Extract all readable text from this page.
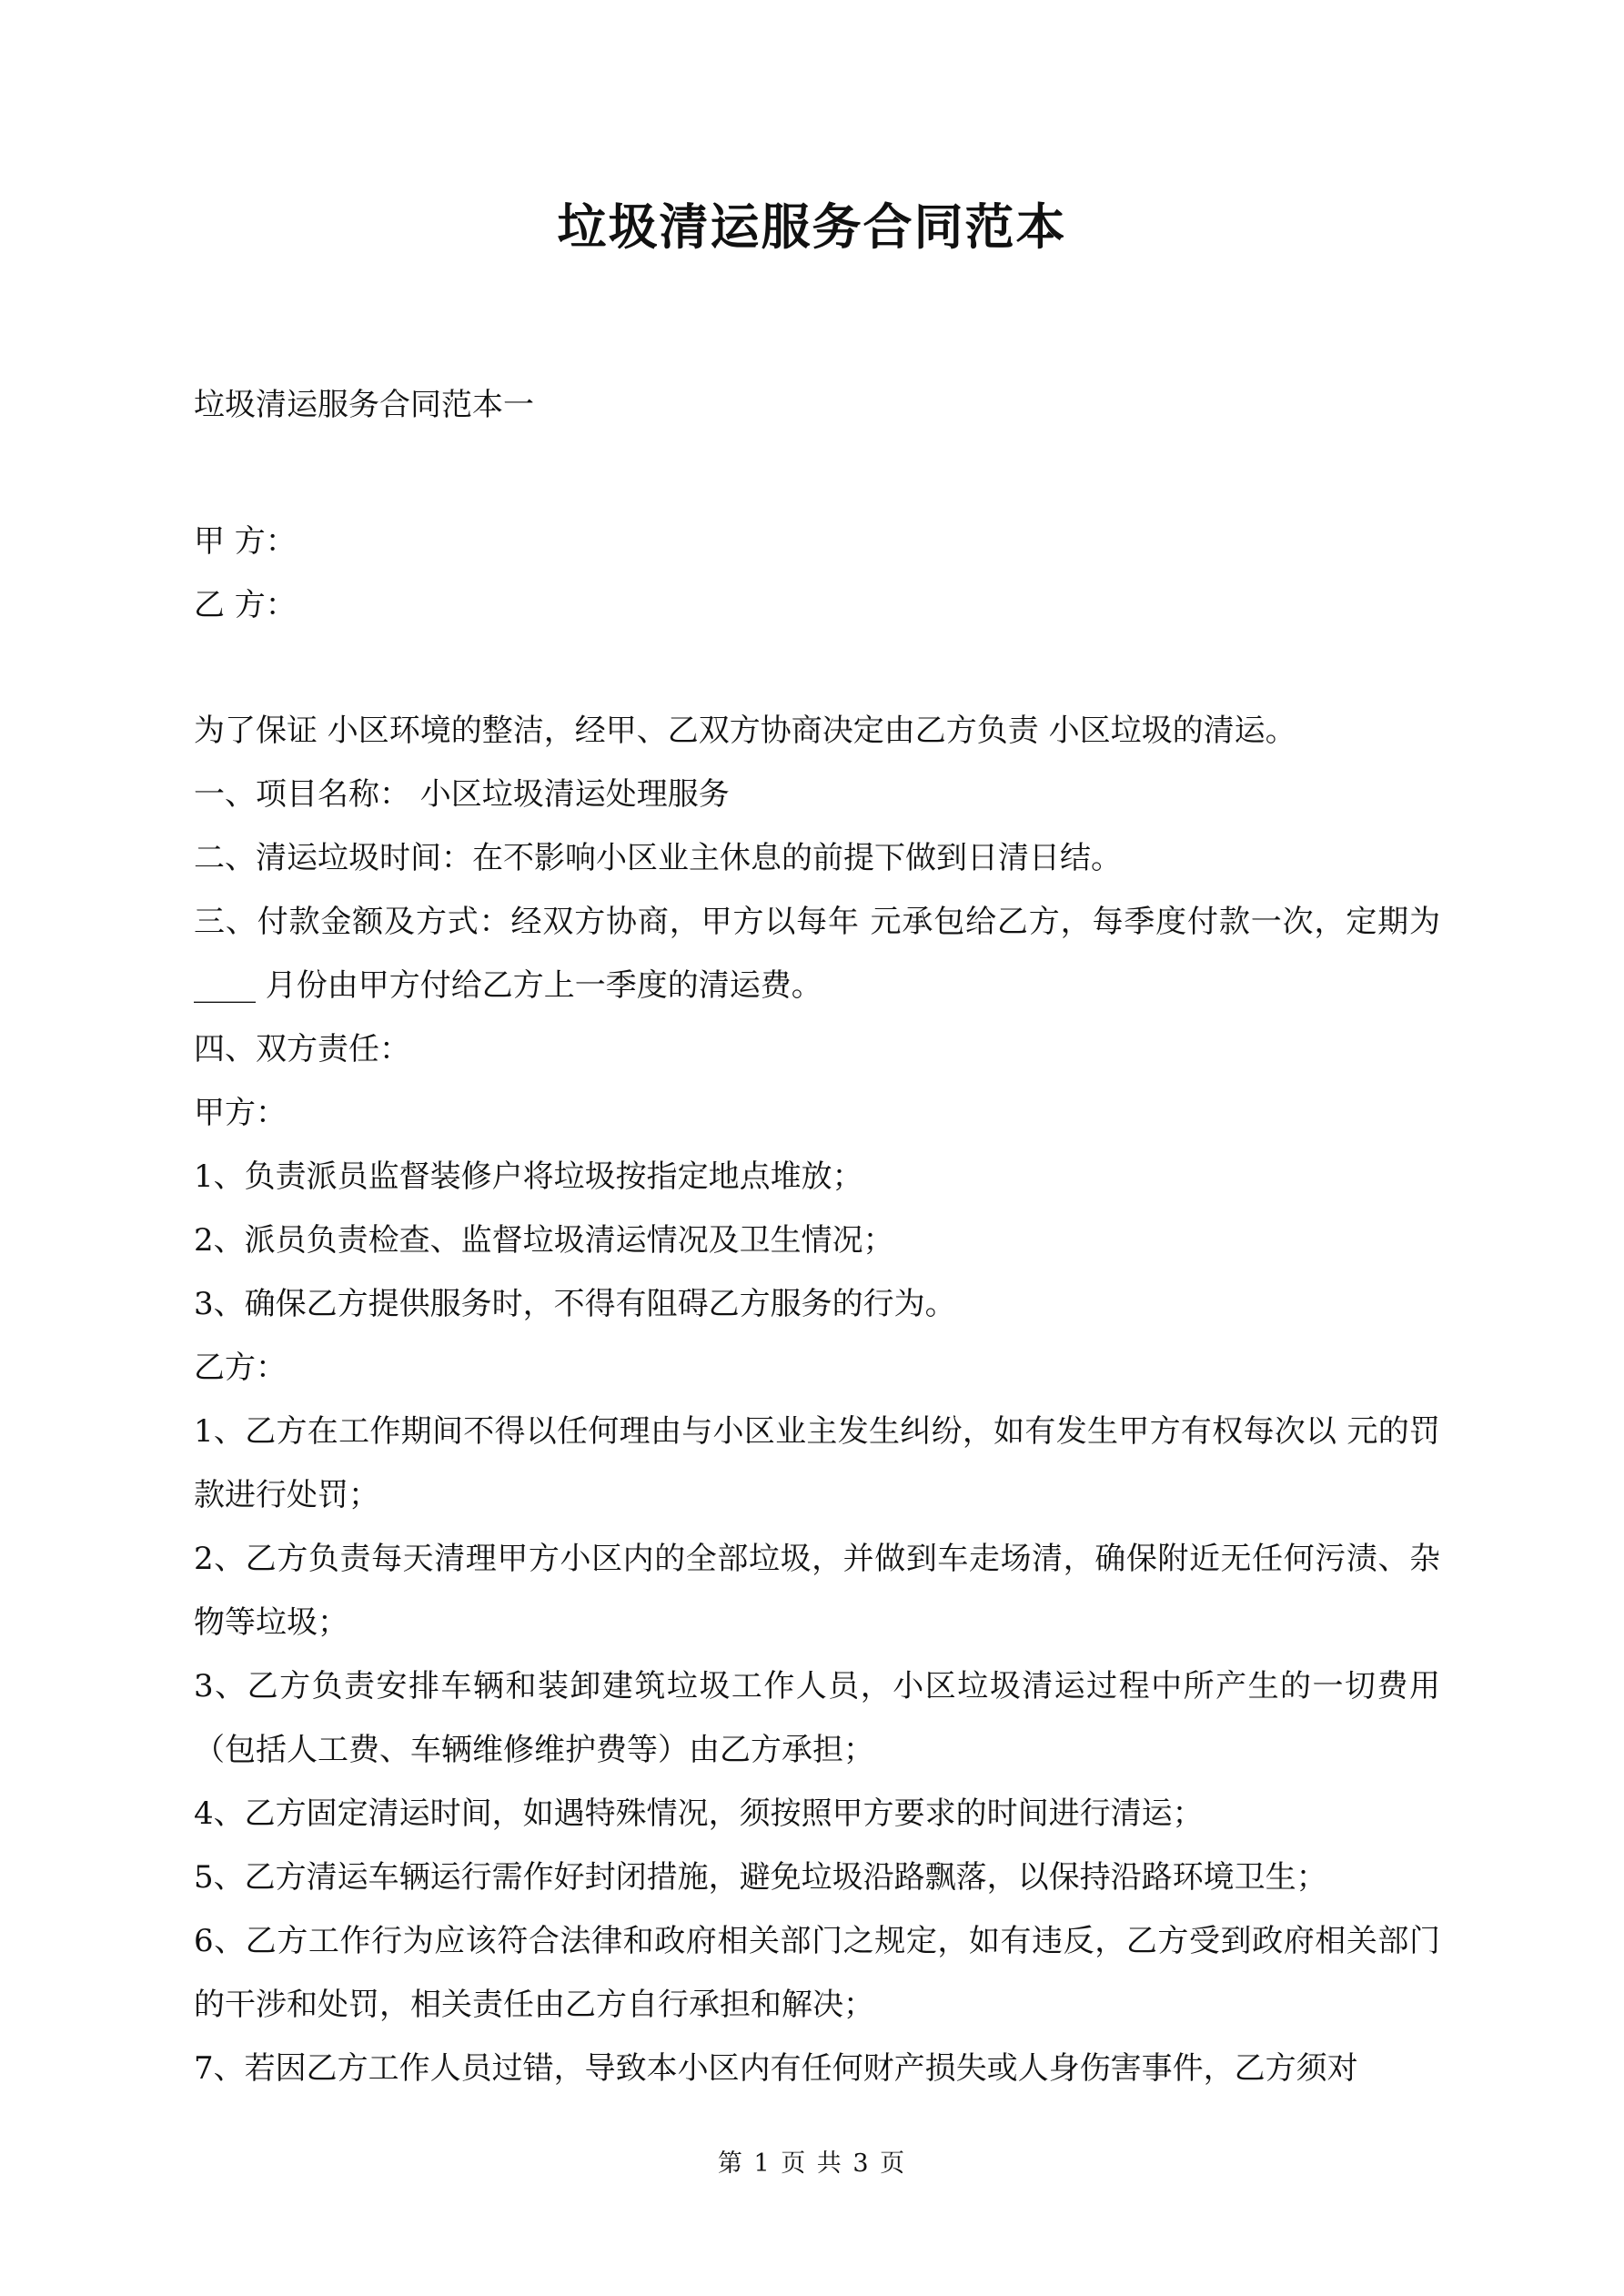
垃圾清运服务合同范本
垃圾清运服务合同范本一
甲 方：
乙 方：
为了保证 小区环境的整洁，经甲、乙双方协商决定由乙方负责 小区垃圾的清运。
一、项目名称： 小区垃圾清运处理服务
二、清运垃圾时间：在不影响小区业主休息的前提下做到日清日结。
三、付款金额及方式：经双方协商，甲方以每年 元承包给乙方，每季度付款一次，定期为____ 月份由甲方付给乙方上一季度的清运费。
四、双方责任：
甲方：
1、负责派员监督装修户将垃圾按指定地点堆放；
2、派员负责检查、监督垃圾清运情况及卫生情况；
3、确保乙方提供服务时，不得有阻碍乙方服务的行为。
乙方：
1、乙方在工作期间不得以任何理由与小区业主发生纠纷，如有发生甲方有权每次以 元的罚款进行处罚；
2、乙方负责每天清理甲方小区内的全部垃圾，并做到车走场清，确保附近无任何污渍、杂物等垃圾；
3、乙方负责安排车辆和装卸建筑垃圾工作人员，小区垃圾清运过程中所产生的一切费用（包括人工费、车辆维修维护费等）由乙方承担；
4、乙方固定清运时间，如遇特殊情况，须按照甲方要求的时间进行清运；
5、乙方清运车辆运行需作好封闭措施，避免垃圾沿路飘落，以保持沿路环境卫生；
6、乙方工作行为应该符合法律和政府相关部门之规定，如有违反，乙方受到政府相关部门的干涉和处罚，相关责任由乙方自行承担和解决；
7、若因乙方工作人员过错，导致本小区内有任何财产损失或人身伤害事件，乙方须对
第 1 页 共 3 页
